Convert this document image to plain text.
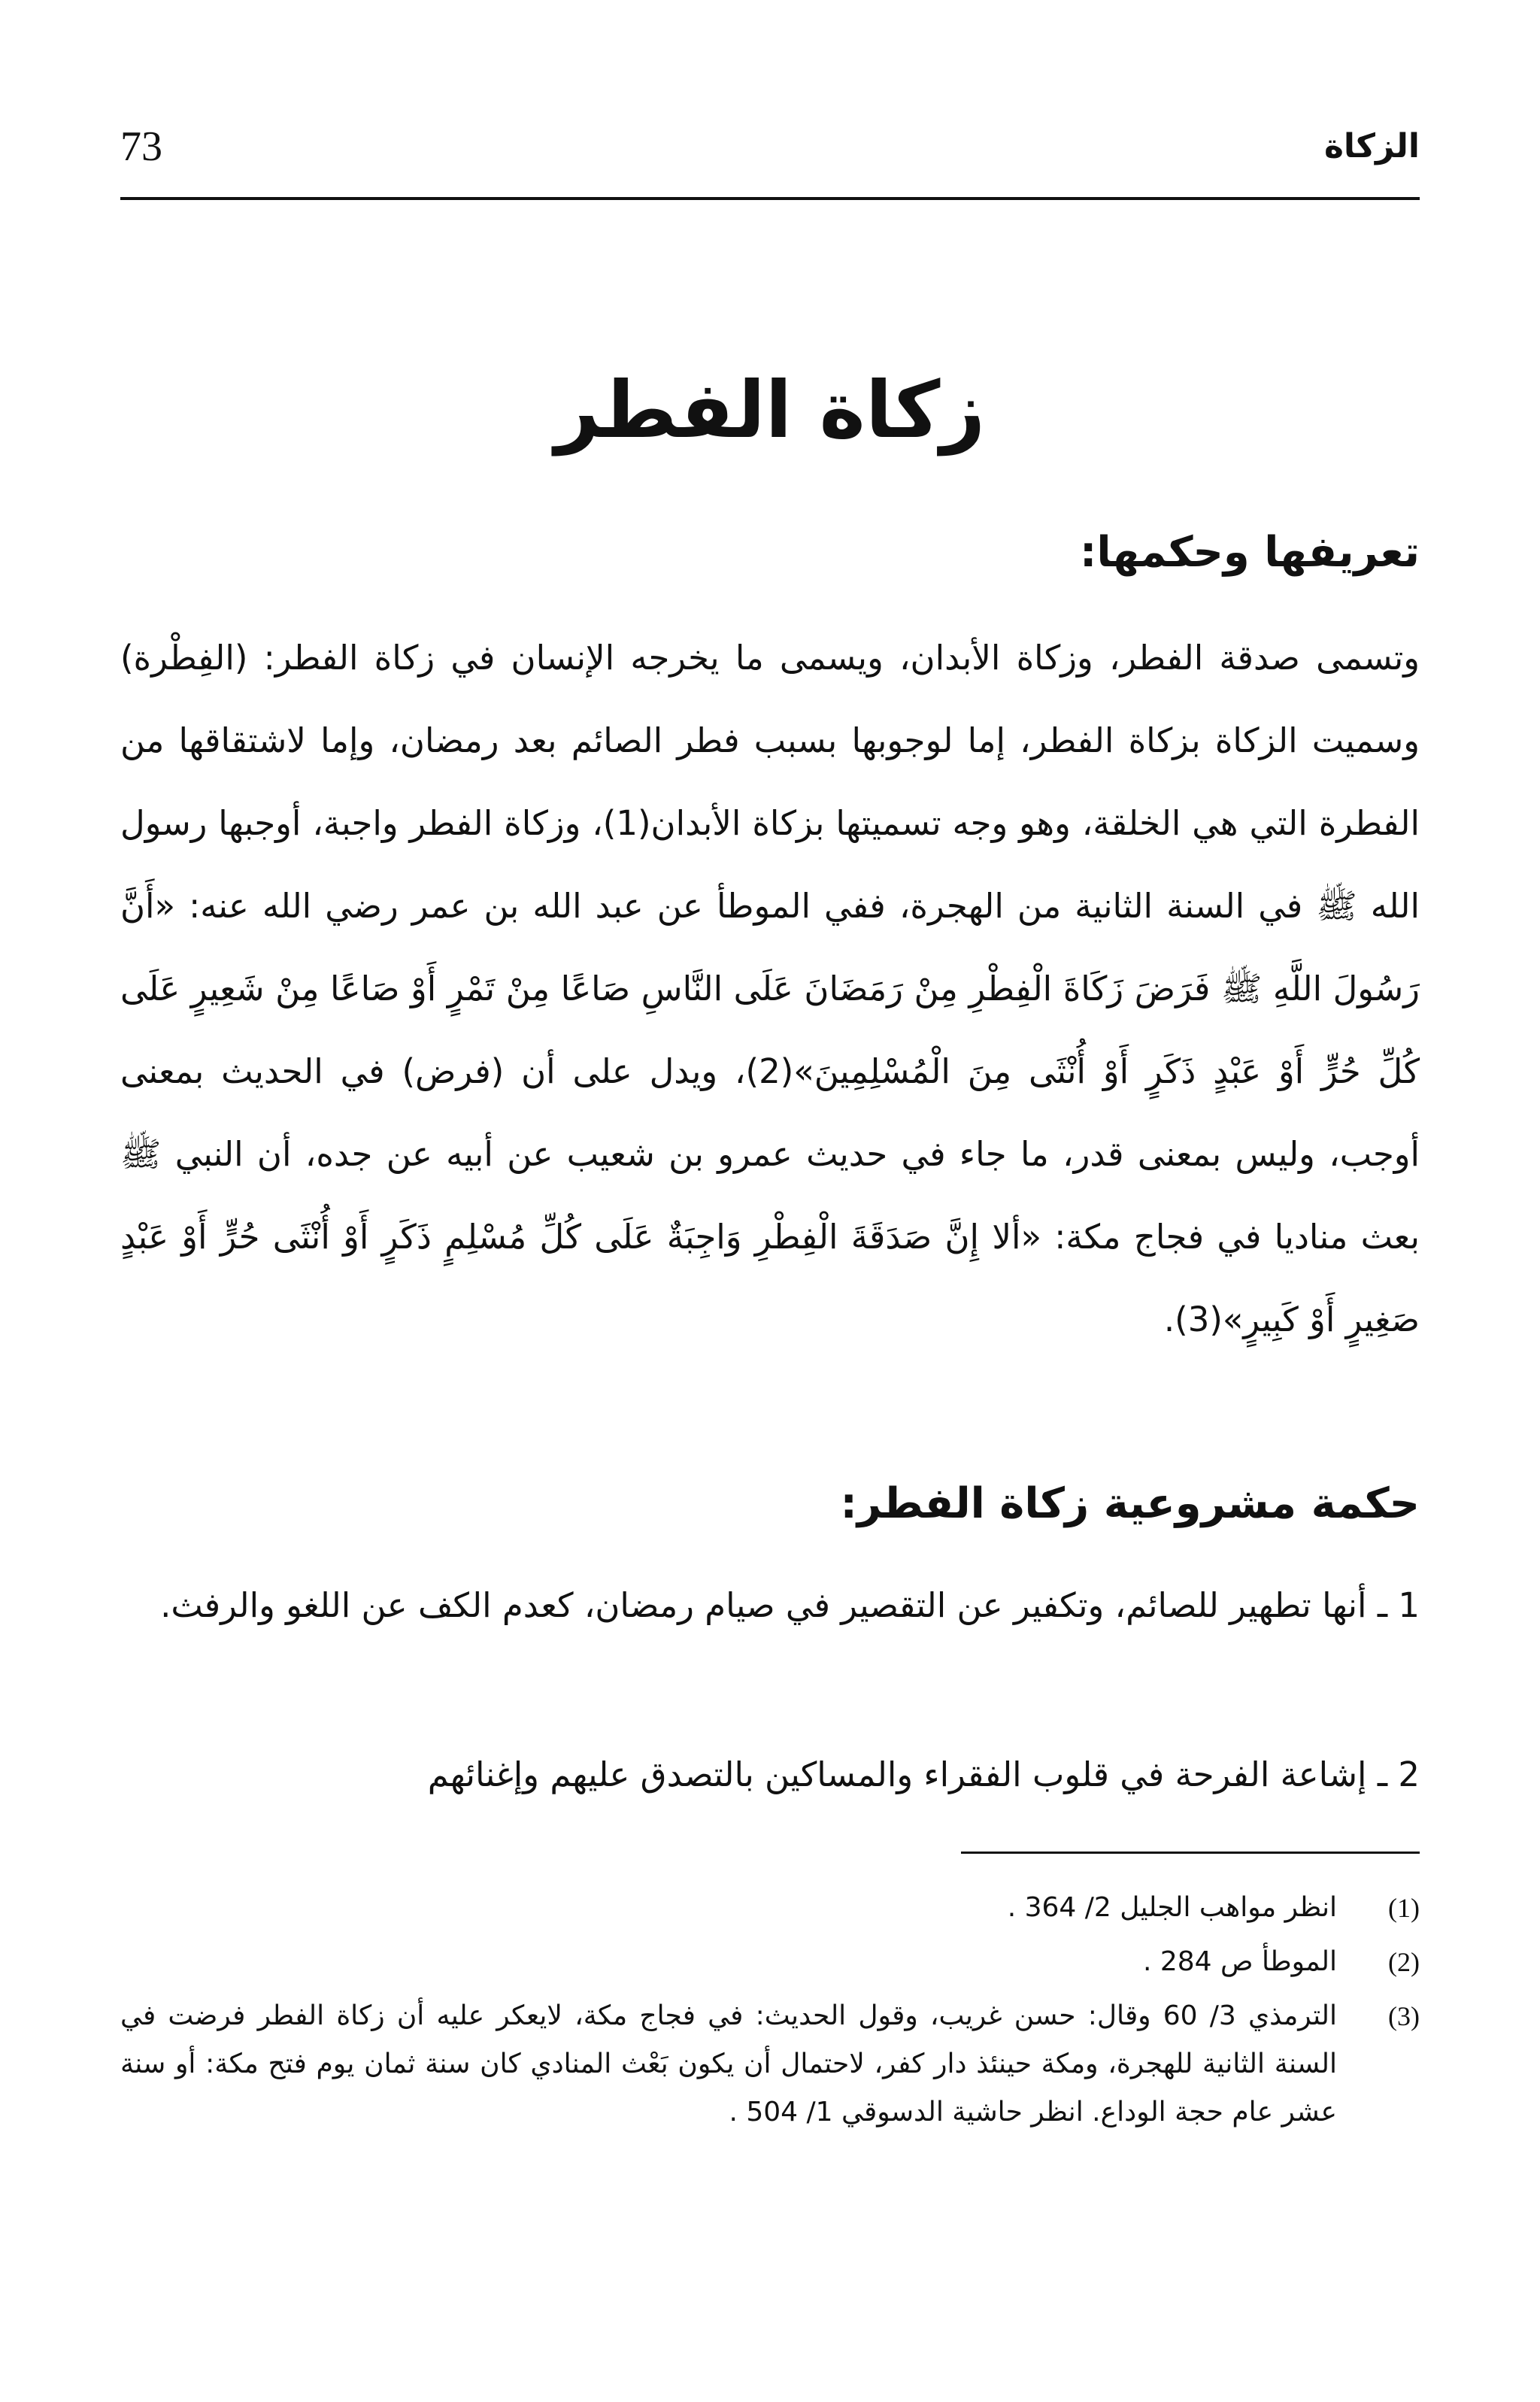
73	الزكاة
زكاة الفطر
تعريفها وحكمها:

وتسمى صدقة الفطر، وزكاة الأبدان، ويسمى ما يخرجه الإنسان في زكاة الفطر: (الفِطْرة) وسميت الزكاة بزكاة الفطر، إما لوجوبها بسبب فطر الصائم بعد رمضان، وإما لاشتقاقها من الفطرة التي هي الخلقة، وهو وجه تسميتها بزكاة الأبدان(1)، وزكاة الفطر واجبة، أوجبها رسول الله ﷺ في السنة الثانية من الهجرة، ففي الموطأ عن عبد الله بن عمر رضي الله عنه: «أَنَّ رَسُولَ اللَّهِ ﷺ فَرَضَ زَكَاةَ الْفِطْرِ مِنْ رَمَضَانَ عَلَى النَّاسِ صَاعًا مِنْ تَمْرٍ أَوْ صَاعًا مِنْ شَعِيرٍ عَلَى كُلِّ حُرٍّ أَوْ عَبْدٍ ذَكَرٍ أَوْ أُنْثَى مِنَ الْمُسْلِمِينَ»(2)، ويدل على أن (فرض) في الحديث بمعنى أوجب، وليس بمعنى قدر، ما جاء في حديث عمرو بن شعيب عن أبيه عن جده، أن النبي ﷺ بعث مناديا في فجاج مكة: «ألا إِنَّ صَدَقَةَ الْفِطْرِ وَاجِبَةٌ عَلَى كُلِّ مُسْلِمٍ ذَكَرٍ أَوْ أُنْثَى حُرٍّ أَوْ عَبْدٍ صَغِيرٍ أَوْ كَبِيرٍ»(3).

حكمة مشروعية زكاة الفطر:
1 ـ أنها تطهير للصائم، وتكفير عن التقصير في صيام رمضان، كعدم الكف عن اللغو والرفث.
2 ـ إشاعة الفرحة في قلوب الفقراء والمساكين بالتصدق عليهم وإغنائهم
(1)
انظر مواهب الجليل 2/ 364 .
(2)
الموطأ ص 284 .
(3)
الترمذي 3/ 60 وقال: حسن غريب، وقول الحديث: في فجاج مكة، لايعكر عليه أن زكاة الفطر فرضت في السنة الثانية للهجرة، ومكة حينئذ دار كفر، لاحتمال أن يكون بَعْث المنادي كان سنة ثمان يوم فتح مكة: أو سنة عشر عام حجة الوداع. انظر حاشية الدسوقي 1/ 504 .
